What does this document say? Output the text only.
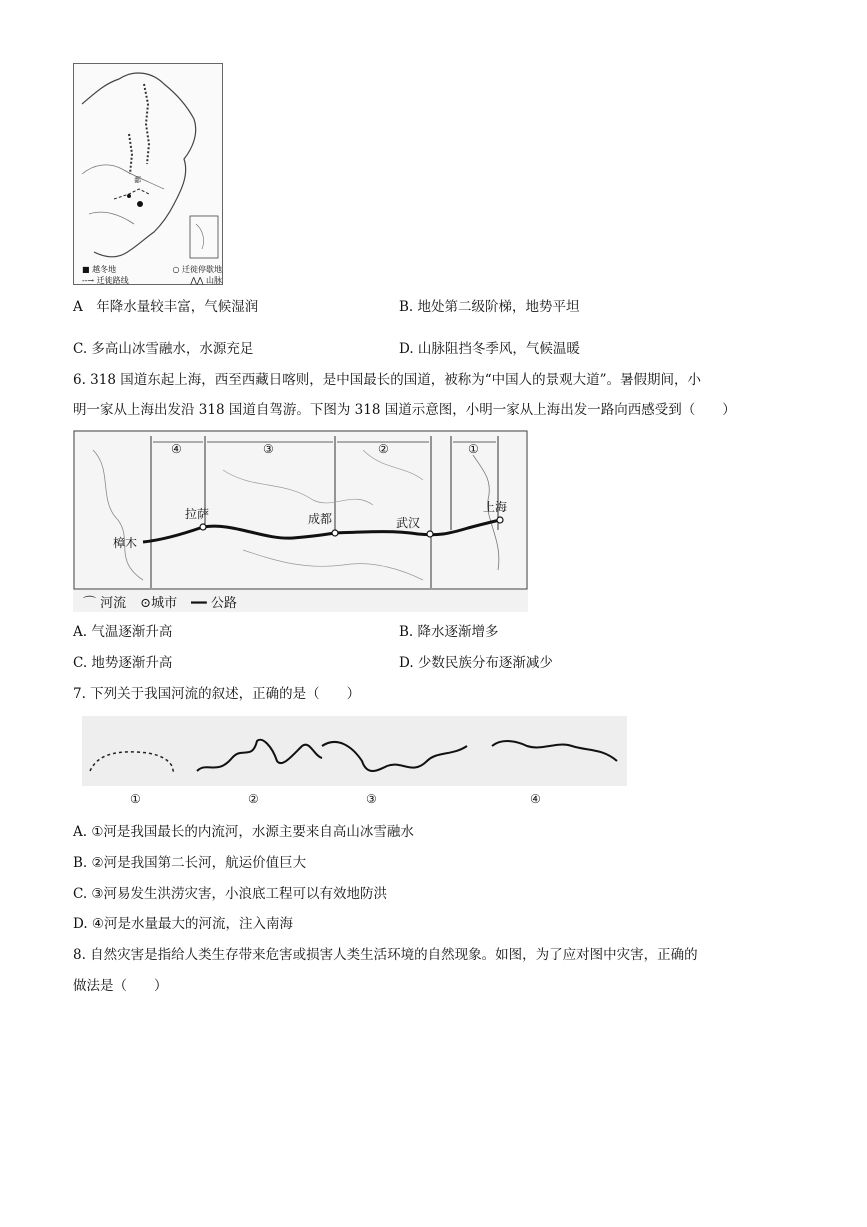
鄱
■ 越冬地	○ 迁徙停歇地
--→ 迁徙路线	⋀⋀ 山脉
A　年降水量较丰富，气候湿润	B. 地处第二级阶梯，地势平坦
C. 多高山冰雪融水，水源充足	D. 山脉阻挡冬季风，气候温暖
6. 318 国道东起上海，西至西藏日喀则，是中国最长的国道，被称为“中国人的景观大道”。暑假期间，小
明一家从上海出发沿 318 国道自驾游。下图为 318 国道示意图，小明一家从上海出发一路向西感受到（　　）
④	③	②	①
拉萨	成都	武汉
上海
樟木
⌒ 河流 ⊙城市 ━━ 公路
A. 气温逐渐升高	B. 降水逐渐增多
C. 地势逐渐升高	D. 少数民族分布逐渐减少
7. 下列关于我国河流的叙述，正确的是（　　）
①	②	③	④
A. ①河是我国最长的内流河，水源主要来自高山冰雪融水
B. ②河是我国第二长河，航运价值巨大
C. ③河易发生洪涝灾害，小浪底工程可以有效地防洪
D. ④河是水量最大的河流，注入南海
8. 自然灾害是指给人类生存带来危害或损害人类生活环境的自然现象。如图，为了应对图中灾害，正确的
做法是（　　）
